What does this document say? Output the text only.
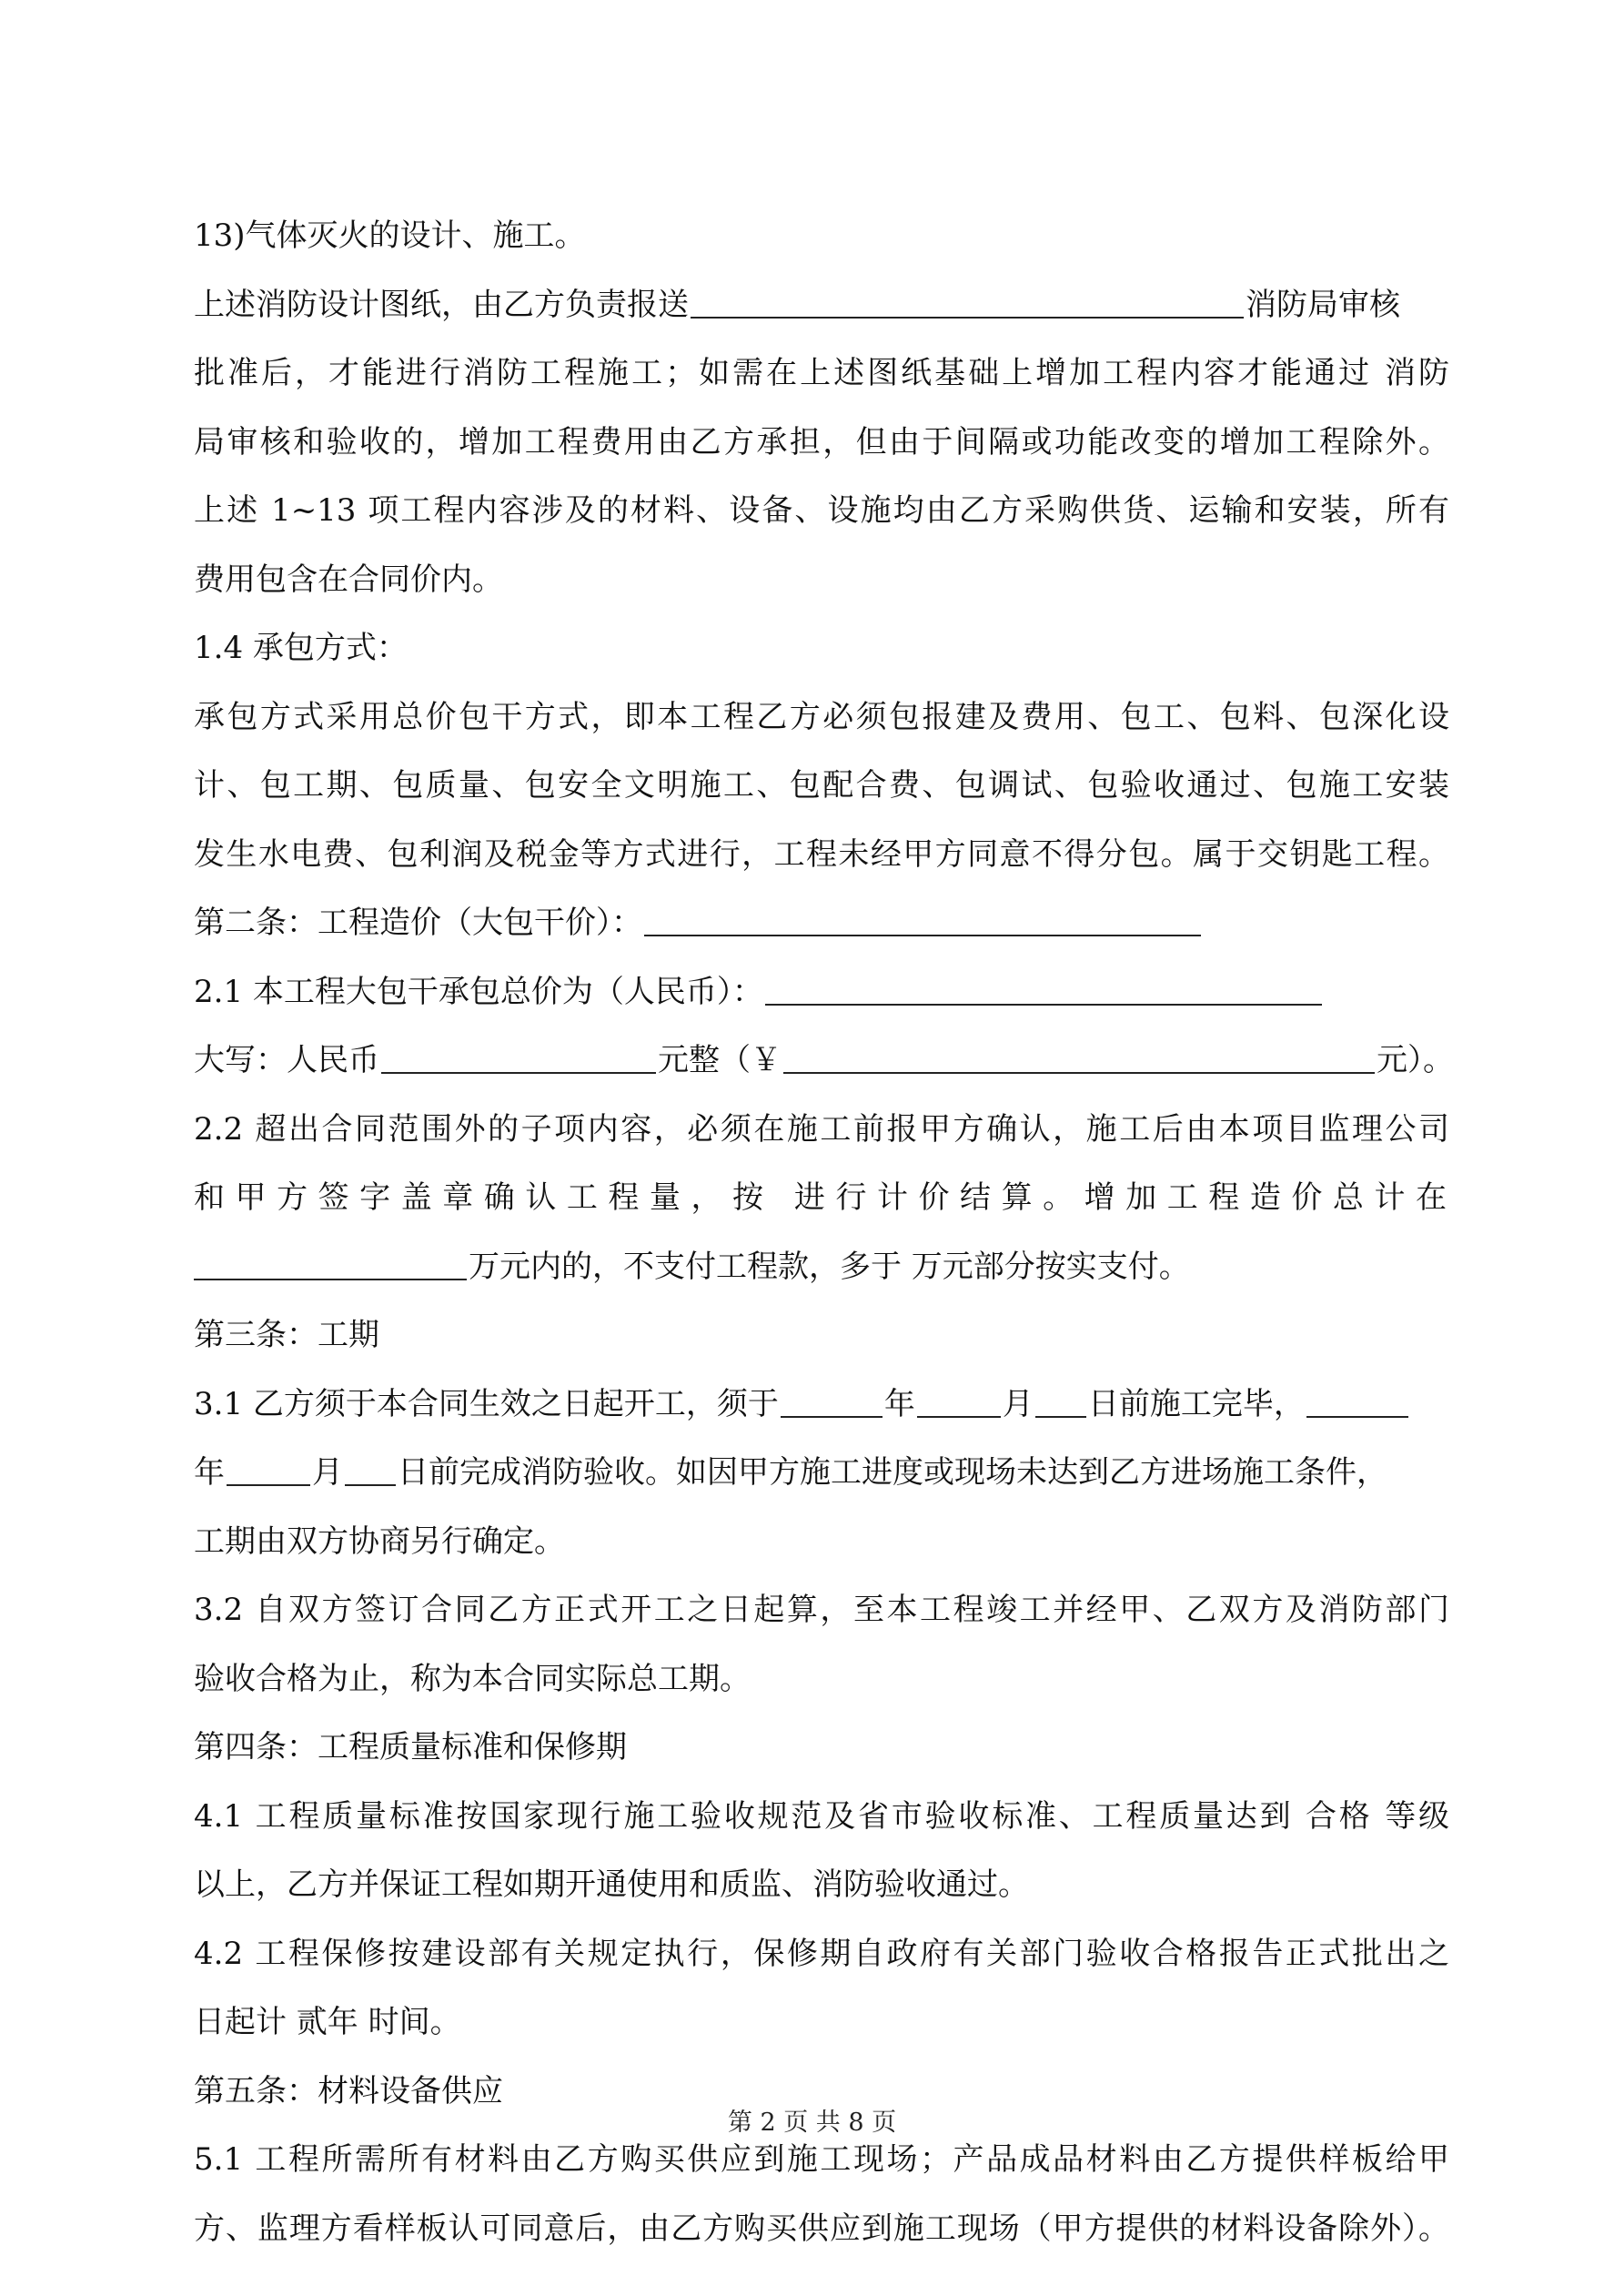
13)气体灭火的设计、施工。
上述消防设计图纸，由乙方负责报送	消防局审核
批准后，才能进行消防工程施工；如需在上述图纸基础上增加工程内容才能通过 消防
局审核和验收的，增加工程费用由乙方承担，但由于间隔或功能改变的增加工程除外。
上述 1~13 项工程内容涉及的材料、设备、设施均由乙方采购供货、运输和安装，所有
费用包含在合同价内。
1.4 承包方式：
承包方式采用总价包干方式，即本工程乙方必须包报建及费用、包工、包料、包深化设
计、包工期、包质量、包安全文明施工、包配合费、包调试、包验收通过、包施工安装
发生水电费、包利润及税金等方式进行，工程未经甲方同意不得分包。属于交钥匙工程。
第二条：工程造价（大包干价）：
2.1 本工程大包干承包总价为（人民币）：
大写：人民币	元整（￥	元）。
2.2 超出合同范围外的子项内容，必须在施工前报甲方确认，施工后由本项目监理公司
和甲方签字盖章确认工程量，按 进行计价结算。增加工程造价总计在
万元内的，不支付工程款，多于 万元部分按实支付。
第三条：工期
3.1 乙方须于本合同生效之日起开工，须于	年	月 日前施工完毕，
年	月 日前完成消防验收。如因甲方施工进度或现场未达到乙方进场施工条件，
工期由双方协商另行确定。
3.2 自双方签订合同乙方正式开工之日起算，至本工程竣工并经甲、乙双方及消防部门
验收合格为止，称为本合同实际总工期。
第四条：工程质量标准和保修期
4.1 工程质量标准按国家现行施工验收规范及省市验收标准、工程质量达到 合格 等级
以上，乙方并保证工程如期开通使用和质监、消防验收通过。
4.2 工程保修按建设部有关规定执行，保修期自政府有关部门验收合格报告正式批出之
日起计 贰年 时间。
第五条：材料设备供应
5.1 工程所需所有材料由乙方购买供应到施工现场；产品成品材料由乙方提供样板给甲
方、监理方看样板认可同意后，由乙方购买供应到施工现场（甲方提供的材料设备除外）。
第 2 页 共 8 页
